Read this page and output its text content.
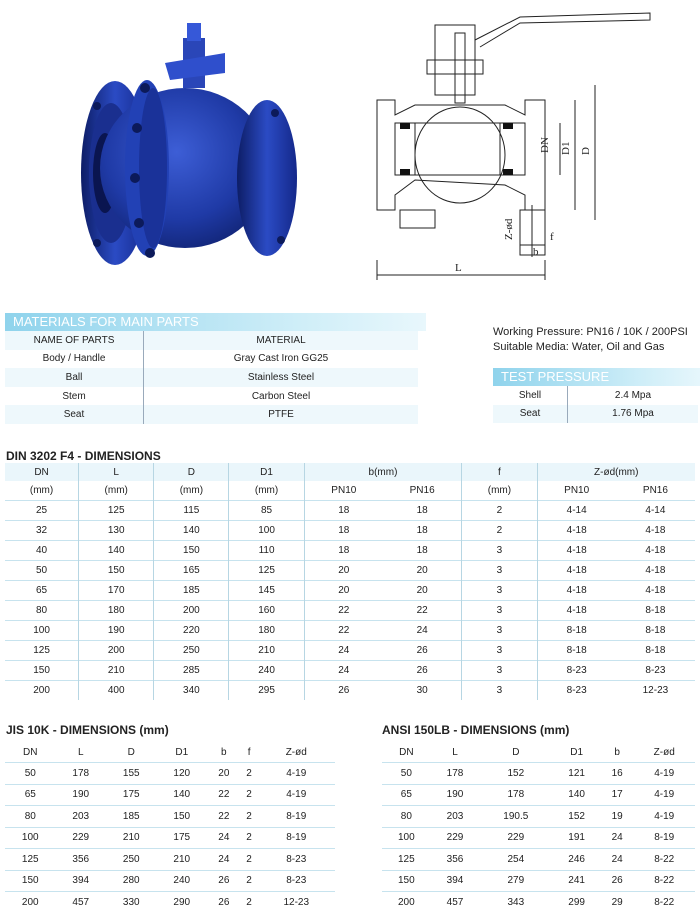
DN D1 D
Z-ød
b
f
L
MATERIALS FOR MAIN PARTS
NAME OF PARTS	MATERIAL
Body / Handle	Gray Cast Iron GG25
Ball	Stainless Steel
Stem	Carbon Steel
Seat	PTFE
Working Pressure: PN16 / 10K / 200PSI
Suitable Media: Water, Oil and Gas
TEST PRESSURE
Shell	2.4 Mpa
Seat	1.76 Mpa
DIN 3202 F4 - DIMENSIONS
DN	L	D	D1	b(mm)		f	Z-ød(mm)	
(mm)	(mm)	(mm)	(mm)	PN10	PN16	(mm)	PN10	PN16
25	125	115	85	18	18	2	4-14	4-14
32	130	140	100	18	18	2	4-18	4-18
40	140	150	110	18	18	3	4-18	4-18
50	150	165	125	20	20	3	4-18	4-18
65	170	185	145	20	20	3	4-18	4-18
80	180	200	160	22	22	3	4-18	8-18
100	190	220	180	22	24	3	8-18	8-18
125	200	250	210	24	26	3	8-18	8-18
150	210	285	240	24	26	3	8-23	8-23
200	400	340	295	26	30	3	8-23	12-23
JIS 10K - DIMENSIONS (mm)
DN	L	D	D1	b	f	Z-ød
50	178	155	120	20	2	4-19
65	190	175	140	22	2	4-19
80	203	185	150	22	2	8-19
100	229	210	175	24	2	8-19
125	356	250	210	24	2	8-23
150	394	280	240	26	2	8-23
200	457	330	290	26	2	12-23
ANSI 150LB - DIMENSIONS (mm)
DN	L	D	D1	b	Z-ød
50	178	152	121	16	4-19
65	190	178	140	17	4-19
80	203	190.5	152	19	4-19
100	229	229	191	24	8-19
125	356	254	246	24	8-22
150	394	279	241	26	8-22
200	457	343	299	29	8-22
